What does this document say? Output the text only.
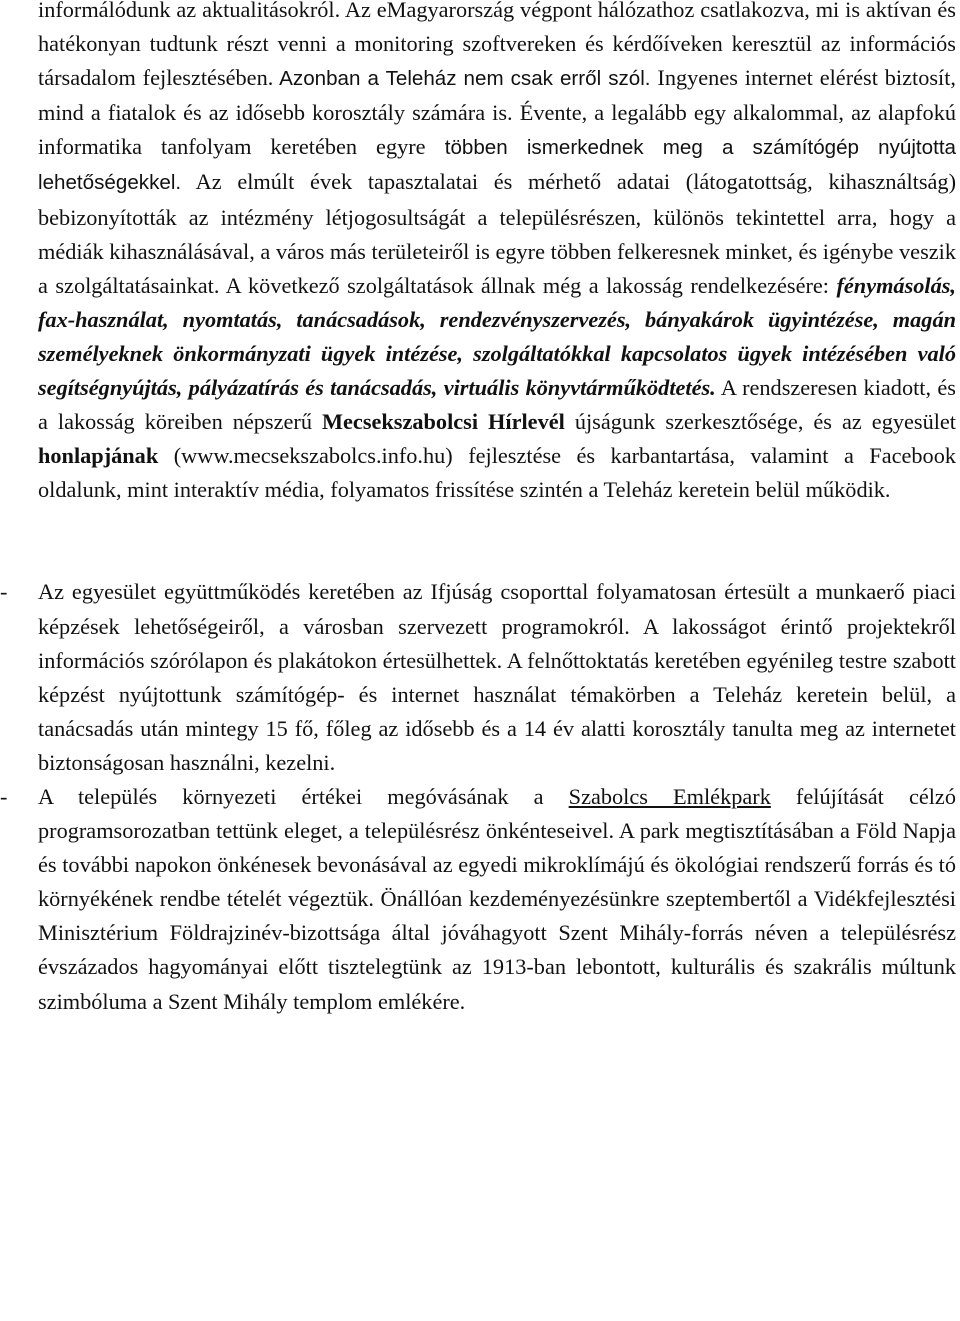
informálódunk az aktualitásokról. Az eMagyarország végpont hálózathoz csatlakozva, mi is aktívan és hatékonyan tudtunk részt venni a monitoring szoftvereken és kérdőíveken keresztül az információs társadalom fejlesztésében. Azonban a Teleház nem csak erről szól. Ingyenes internet elérést biztosít, mind a fiatalok és az idősebb korosztály számára is. Évente, a legalább egy alkalommal, az alapfokú informatika tanfolyam keretében egyre többen ismerkednek meg a számítógép nyújtotta lehetőségekkel. Az elmúlt évek tapasztalatai és mérhető adatai (látogatottság, kihasználtság) bebizonyították az intézmény létjogosultságát a településrészen, különös tekintettel arra, hogy a médiák kihasználásával, a város más területeiről is egyre többen felkeresnek minket, és igénybe veszik a szolgáltatásainkat. A következő szolgáltatások állnak még a lakosság rendelkezésére: fénymásolás, fax-használat, nyomtatás, tanácsadások, rendezvényszervezés, bányakárok ügyintézése, magán személyeknek önkormányzati ügyek intézése, szolgáltatókkal kapcsolatos ügyek intézésében való segítségnyújtás, pályázatírás és tanácsadás, virtuális könyvtárműködtetés. A rendszeresen kiadott, és a lakosság köreiben népszerű Mecsekszabolcsi Hírlevél újságunk szerkesztősége, és az egyesület honlapjának (www.mecsekszabolcs.info.hu) fejlesztése és karbantartása, valamint a Facebook oldalunk, mint interaktív média, folyamatos frissítése szintén a Teleház keretein belül működik.

-	Az egyesület együttműködés keretében az Ifjúság csoporttal folyamatosan értesült a munkaerő piaci képzések lehetőségeiről, a városban szervezett programokról. A lakosságot érintő projektekről információs szórólapon és plakátokon értesülhettek. A felnőttoktatás keretében egyénileg testre szabott képzést nyújtottunk számítógép- és internet használat témakörben a Teleház keretein belül, a tanácsadás után mintegy 15 fő, főleg az idősebb és a 14 év alatti korosztály tanulta meg az internetet biztonságosan használni, kezelni.

-	A település környezeti értékei megóvásának a Szabolcs Emlékpark felújítását célzó programsorozatban tettünk eleget, a településrész önkénteseivel. A park megtisztításában a Föld Napja és további napokon önkénesek bevonásával az egyedi mikroklímájú és ökológiai rendszerű forrás és tó környékének rendbe tételét végeztük. Önállóan kezdeményezésünkre szeptembertől a Vidékfejlesztési Minisztérium Földrajzinév-bizottsága által jóváhagyott Szent Mihály-forrás néven a településrész évszázados hagyományai előtt tisztelegtünk az 1913-ban lebontott, kulturális és szakrális múltunk szimbóluma a Szent Mihály templom emlékére.
